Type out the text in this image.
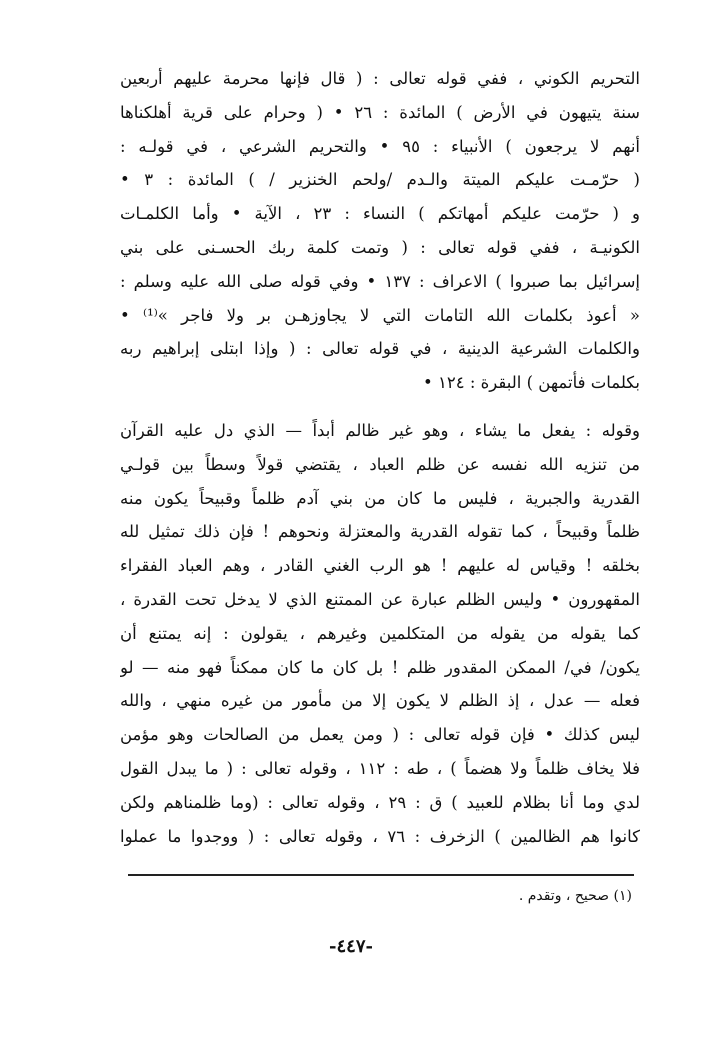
التحريم الكوني ، ففي قوله تعالى : ( قال فإنها محرمة عليهم أربعين
سنة يتيهون في الأرض ) المائدة : ٢٦ • ( وحرام على قرية أهلكناها
أنهم لا يرجعون ) الأنبياء : ٩٥ • والتحريم الشرعي ، في قولـه :
( حرّمـت عليكم الميتة والـدم /ولحم الخنزير / ) المائدة : ٣ •
و ( حرّمت عليكم أمهاتكم ) النساء : ٢٣ ، الآية • وأما الكلمـات
الكونيـة ، ففي قوله تعالى : ( وتمت كلمة ربك الحسـنى على بني
إسرائيل بما صبروا ) الاعراف : ١٣٧ • وفي قوله صلى الله عليه وسلم :
« أعوذ بكلمات الله التامات التي لا يجاوزهـن بر ولا فاجر »⁽¹⁾ •
والكلمات الشرعية الدينية ، في قوله تعالى : ( وإذا ابتلى إبراهيم ربه
بكلمات فأتمهن ) البقرة : ١٢٤ •
وقوله : يفعل ما يشاء ، وهو غير ظالم أبداً — الذي دل عليه القرآن
من تنزيه الله نفسه عن ظلم العباد ، يقتضي قولاً وسطاً بين قولـي
القدرية والجبرية ، فليس ما كان من بني آدم ظلماً وقبيحاً يكون منه
ظلماً وقبيحاً ، كما تقوله القدرية والمعتزلة ونحوهم ! فإن ذلك تمثيل لله
بخلقه ! وقياس له عليهم ! هو الرب الغني القادر ، وهم العباد الفقراء
المقهورون • وليس الظلم عبارة عن الممتنع الذي لا يدخل تحت القدرة ،
كما يقوله من يقوله من المتكلمين وغيرهم ، يقولون : إنه يمتنع أن
يكون/ في/ الممكن المقدور ظلم ! بل كان ما كان ممكناً فهو منه — لو
فعله — عدل ، إذ الظلم لا يكون إلا من مأمور من غيره منهي ، والله
ليس كذلك • فإن قوله تعالى : ( ومن يعمل من الصالحات وهو مؤمن
فلا يخاف ظلماً ولا هضماً ) ، طه : ١١٢ ، وقوله تعالى : ( ما يبدل القول
لدي وما أنا بظلام للعبيد ) ق : ٢٩ ، وقوله تعالى : (وما ظلمناهم ولكن
كانوا هم الظالمين ) الزخرف : ٧٦ ، وقوله تعالى : ( ووجدوا ما عملوا
(١) صحيح ، وتقدم .
-٤٤٧-
